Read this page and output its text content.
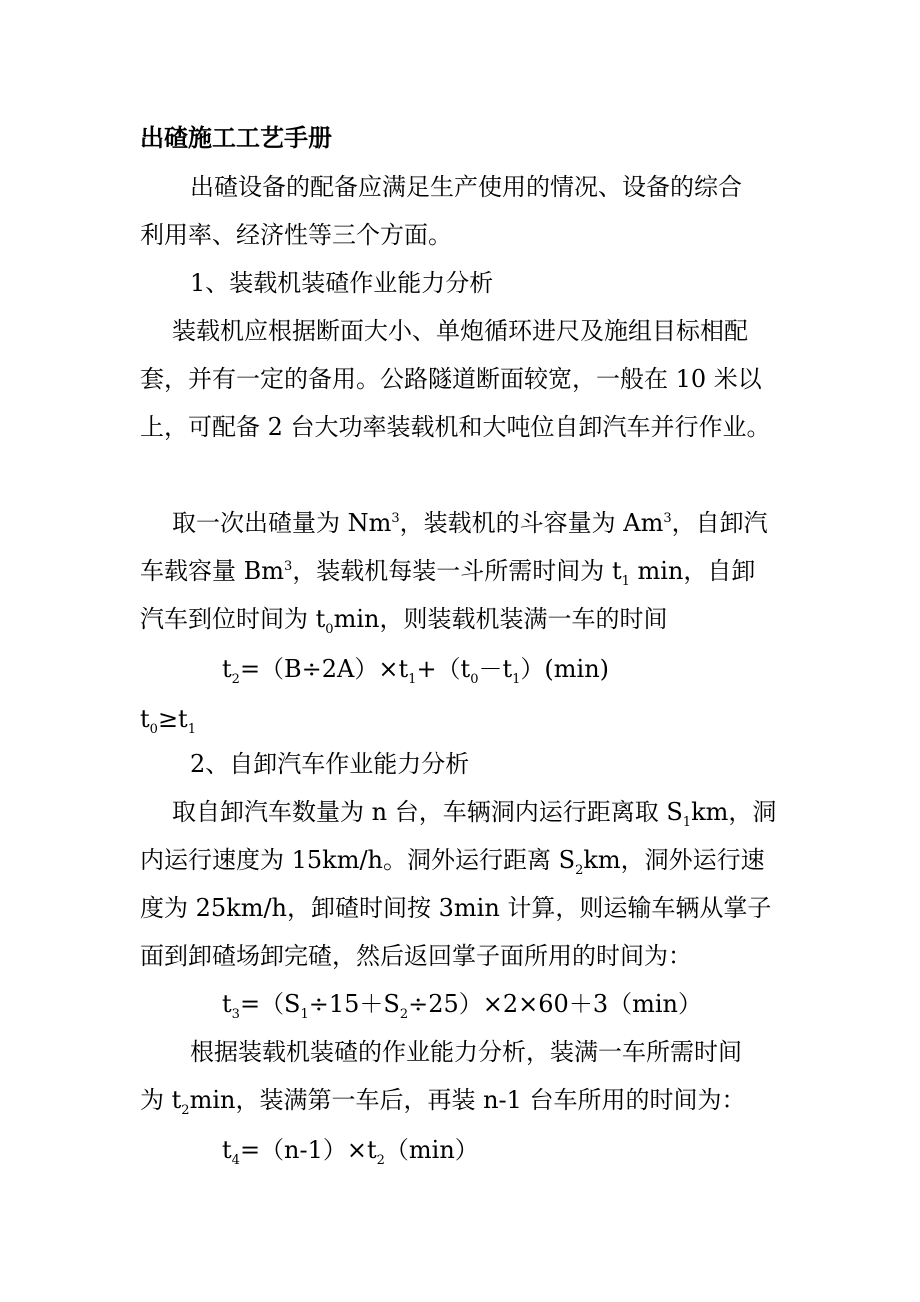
出碴施工工艺手册
出碴设备的配备应满足生产使用的情况、设备的综合
利用率、经济性等三个方面。
1、装载机装碴作业能力分析
装载机应根据断面大小、单炮循环进尺及施组目标相配
套，并有一定的备用。公路隧道断面较宽，一般在 10 米以
上，可配备 2 台大功率装载机和大吨位自卸汽车并行作业。
取一次出碴量为 Nm$^3$，装载机的斗容量为 Am$^3$，自卸汽
车载容量 Bm$^3$，装载机每装一斗所需时间为 $t_1$ min，自卸
汽车到位时间为 $t_0\min$，则装载机装满一车的时间
$t_2=(B\div 2A)\times t_1+(t_0-t_1)(\min)$
$t_0\ge t_1$
2、自卸汽车作业能力分析
取自卸汽车数量为 n 台，车辆洞内运行距离取 $S_1km$，洞
内运行速度为 15km/h。洞外运行距离 $S_2km$，洞外运行速
度为 25km/h，卸碴时间按 3min 计算，则运输车辆从掌子
面到卸碴场卸完碴，然后返回掌子面所用的时间为：
$t_3=(S_1\div 15+S_2\div 25)\times 2\times 60+3(\min)$
根据装载机装碴的作业能力分析，装满一车所需时间
为 $t_2\min$，装满第一车后，再装 n-1 台车所用的时间为：
$t_4=(n-1)\times t_2(\min)$
